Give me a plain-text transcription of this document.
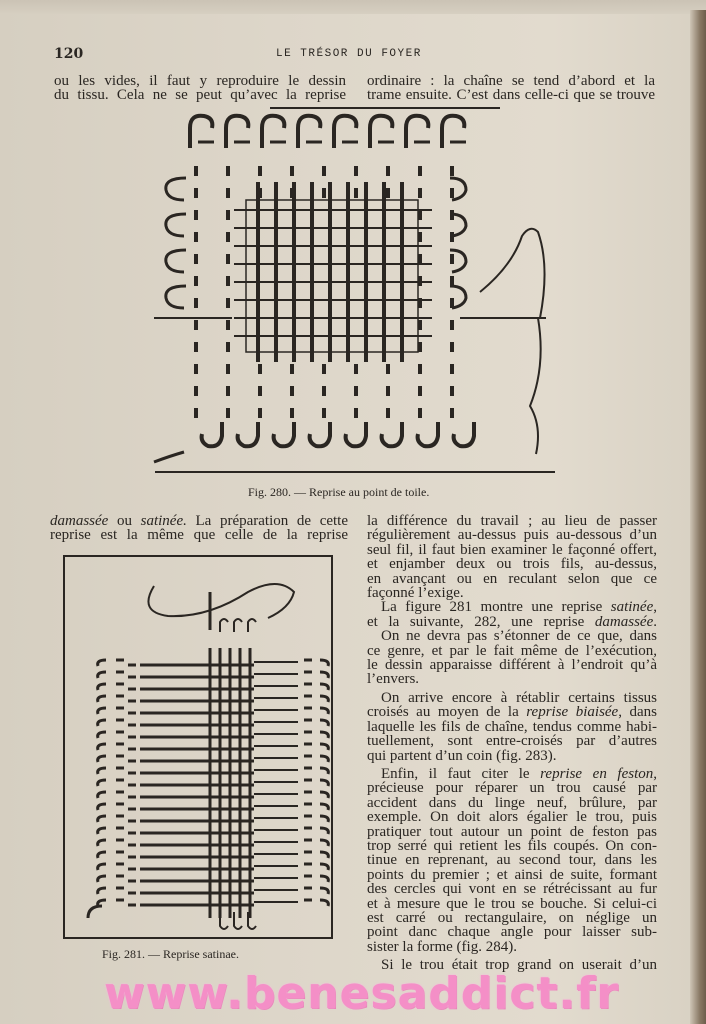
120	LE TRÉSOR DU FOYER
ou les vides, il faut y reproduire le dessin
du tissu. Cela ne se peut qu’avec la reprise
ordinaire : la chaîne se tend d’abord et la
trame ensuite. C’est dans celle-ci que se trouve
Fig. 280. — Reprise au point de toile.
damassée ou satinée. La préparation de cette
reprise est la même que celle de la reprise
Fig. 281. — Reprise satinae.
la différence du travail ; au lieu de passer
régulièrement au-dessus puis au-dessous d’un
seul fil, il faut bien examiner le façonné offert,
et enjamber deux ou trois fils, au-dessus,
en avançant ou en reculant selon que ce
façonné l’exige.
La figure 281 montre une reprise satinée,
et la suivante, 282, une reprise damassée.
On ne devra pas s’étonner de ce que, dans
ce genre, et par le fait même de l’exécution,
le dessin apparaisse différent à l’endroit qu’à
l’envers.
On arrive encore à rétablir certains tissus
croisés au moyen de la reprise biaisée, dans
laquelle les fils de chaîne, tendus comme habi-
tuellement, sont entre-croisés par d’autres
qui partent d’un coin (fig. 283).
Enfin, il faut citer le reprise en feston,
précieuse pour réparer un trou causé par
accident dans du linge neuf, brûlure, par
exemple. On doit alors égalier le trou, puis
pratiquer tout autour un point de feston pas
trop serré qui retient les fils coupés. On con-
tinue en reprenant, au second tour, dans les
points du premier ; et ainsi de suite, formant
des cercles qui vont en se rétrécissant au fur
et à mesure que le trou se bouche. Si celui-ci
est carré ou rectangulaire, on néglige un
point danc chaque angle pour laisser sub-
sister la forme (fig. 284).
Si le trou était trop grand on userait d’un
www.benesaddict.fr
